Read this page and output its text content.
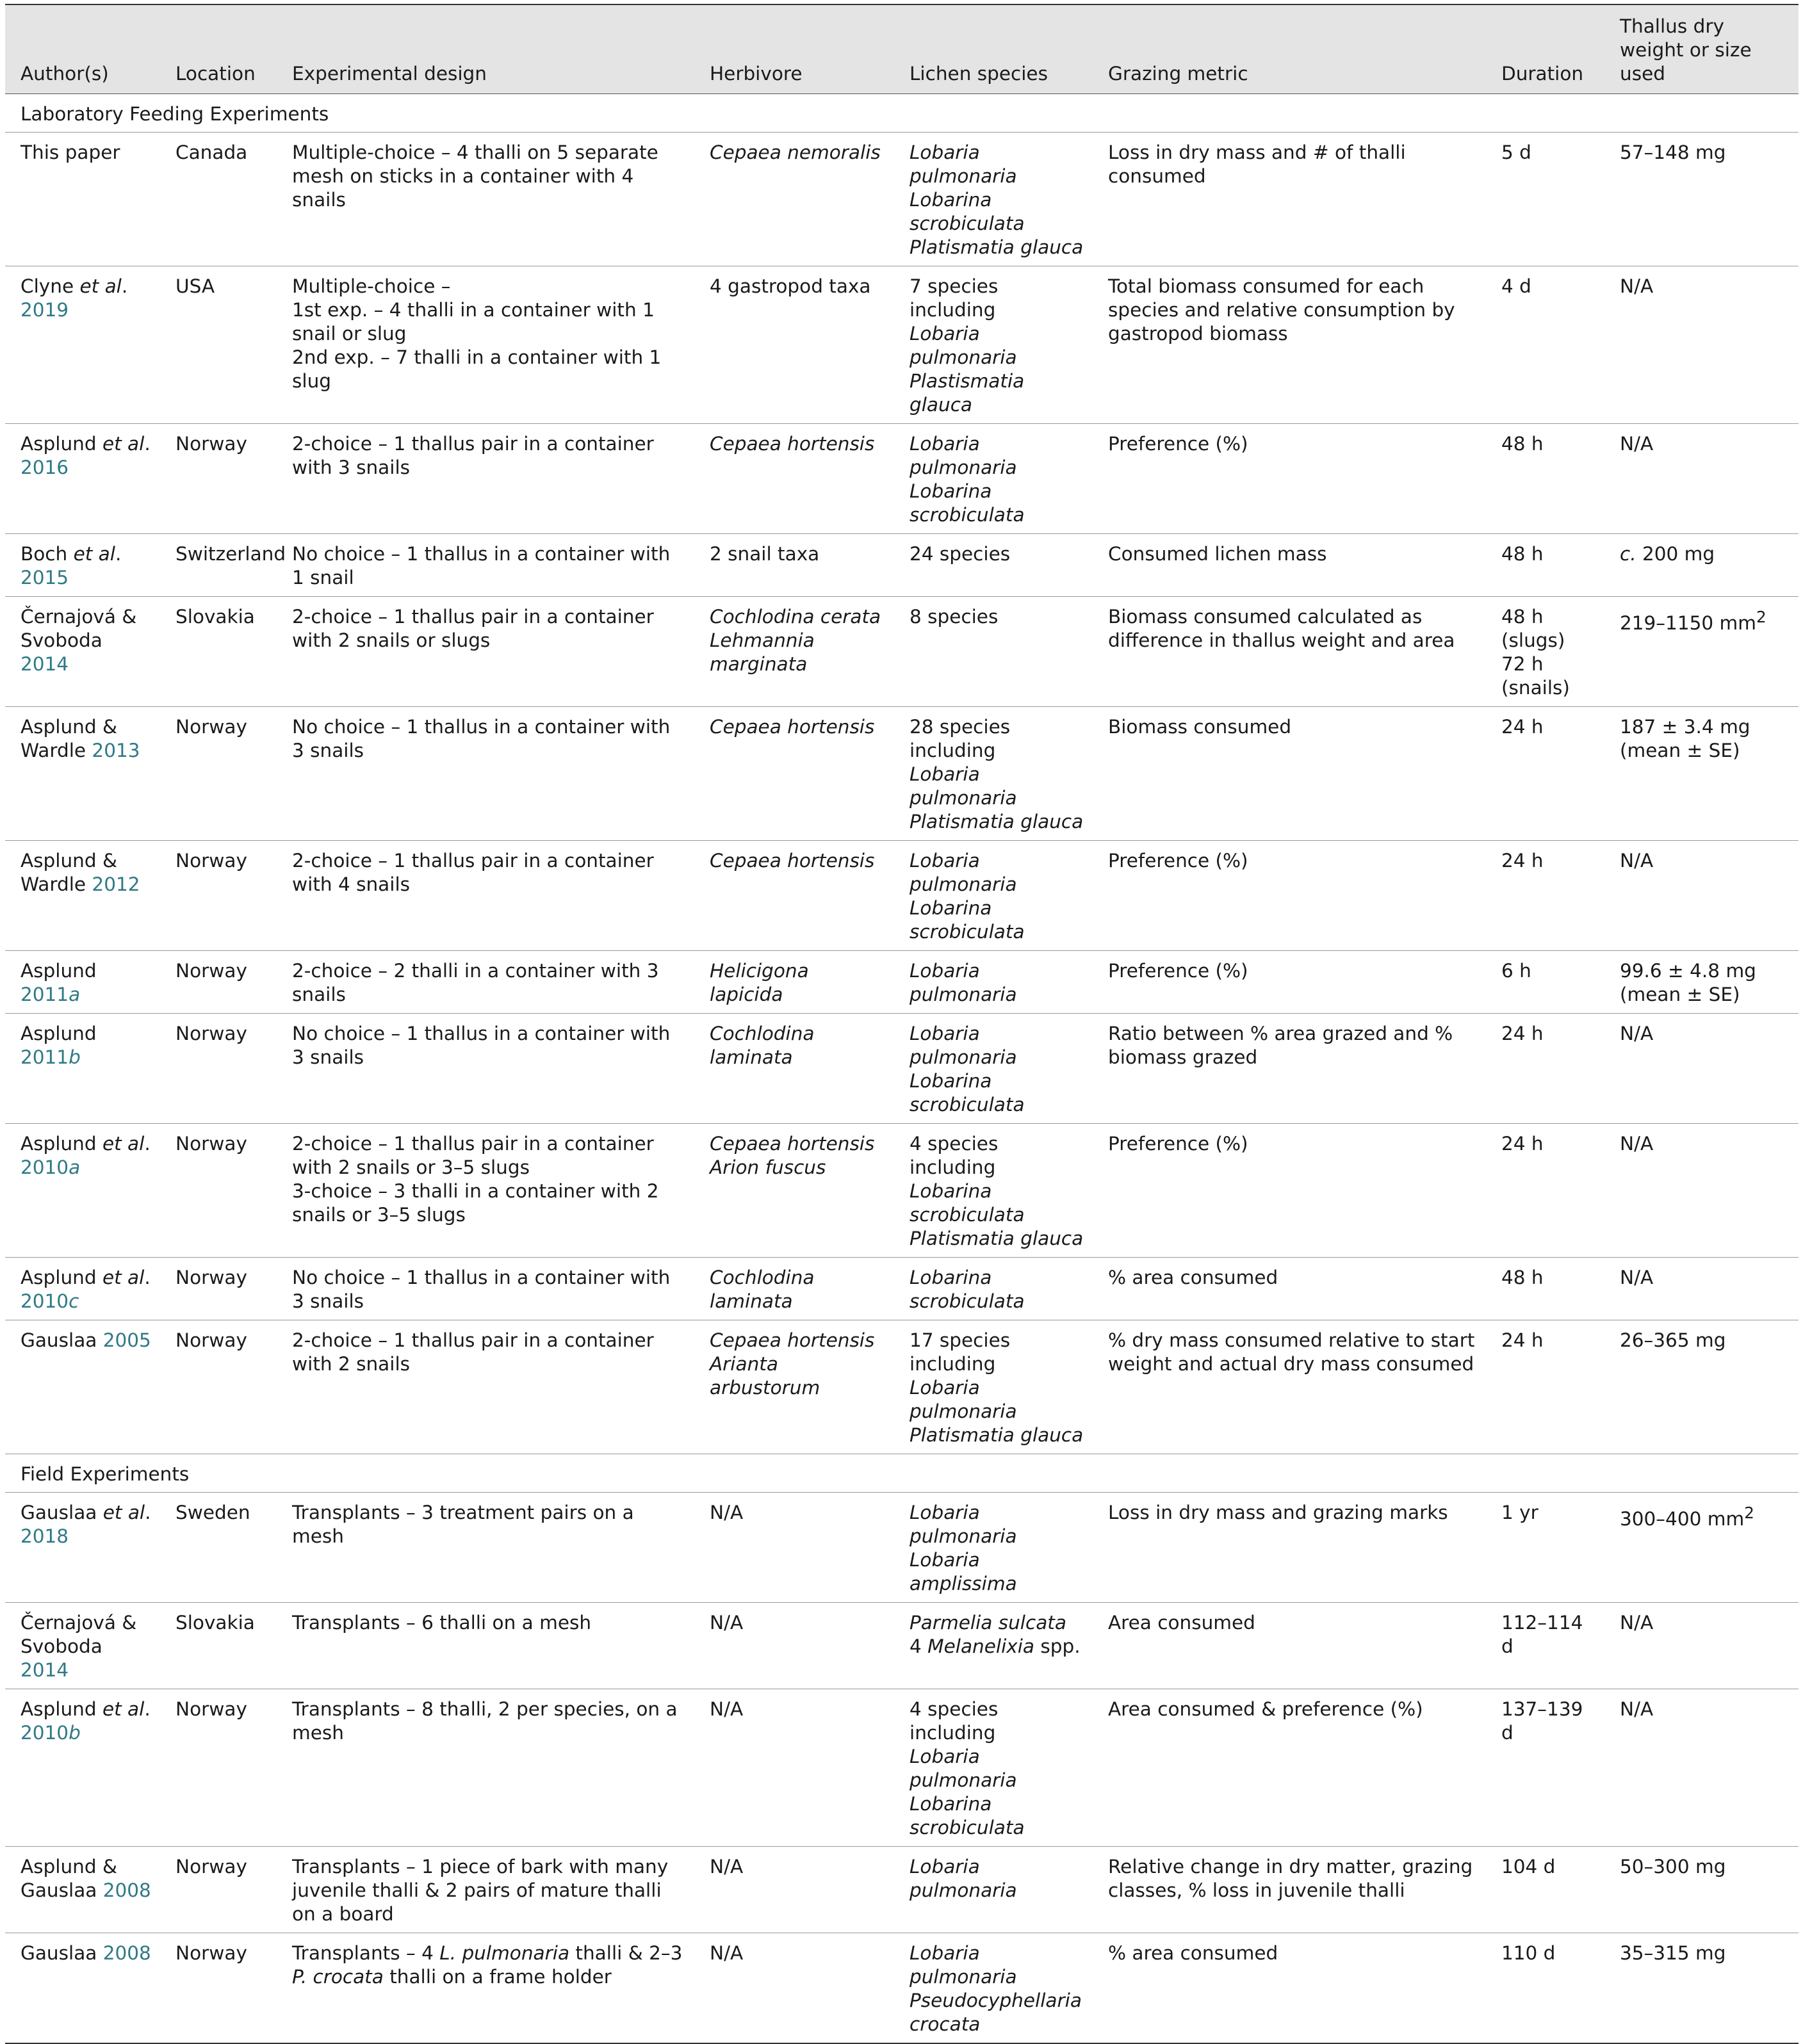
Author(s)	Location	Experimental design	Herbivore	Lichen species	Grazing metric	Duration	Thallus dry weight or size used
Laboratory Feeding Experiments							
This paper	Canada	Multiple-choice – 4 thalli on 5 separate mesh on sticks in a container with 4 snails	Cepaea nemoralis	Lobaria pulmonaria
Lobarina scrobiculata
Platismatia glauca	Loss in dry mass and # of thalli consumed	5 d	57–148 mg
Clyne et al. 2019	USA	Multiple-choice –
1st exp. – 4 thalli in a container with 1 snail or slug
2nd exp. – 7 thalli in a container with 1 slug	4 gastropod taxa	7 species including
Lobaria pulmonaria
Plastismatia glauca	Total biomass consumed for each species and relative consumption by gastropod biomass	4 d	N/A
Asplund et al. 2016	Norway	2-choice – 1 thallus pair in a container with 3 snails	Cepaea hortensis	Lobaria pulmonaria
Lobarina scrobiculata	Preference (%)	48 h	N/A
Boch et al. 2015	Switzerland	No choice – 1 thallus in a container with 1 snail	2 snail taxa	24 species	Consumed lichen mass	48 h	c. 200 mg
Černajová & Svoboda 2014	Slovakia	2-choice – 1 thallus pair in a container with 2 snails or slugs	Cochlodina cerata
Lehmannia marginata	8 species	Biomass consumed calculated as difference in thallus weight and area	48 h (slugs)
72 h (snails)	219–1150 $mm^2$
Asplund & Wardle 2013	Norway	No choice – 1 thallus in a container with 3 snails	Cepaea hortensis	28 species including
Lobaria pulmonaria
Platismatia glauca	Biomass consumed	24 h	187 ± 3.4 mg (mean ± SE)
Asplund & Wardle 2012	Norway	2-choice – 1 thallus pair in a container with 4 snails	Cepaea hortensis	Lobaria pulmonaria
Lobarina scrobiculata	Preference (%)	24 h	N/A
Asplund 2011a	Norway	2-choice – 2 thalli in a container with 3 snails	Helicigona lapicida	Lobaria pulmonaria	Preference (%)	6 h	99.6 ± 4.8 mg (mean ± SE)
Asplund 2011b	Norway	No choice – 1 thallus in a container with 3 snails	Cochlodina laminata	Lobaria pulmonaria
Lobarina scrobiculata	Ratio between % area grazed and % biomass grazed	24 h	N/A
Asplund et al. 2010a	Norway	2-choice – 1 thallus pair in a container with 2 snails or 3–5 slugs
3-choice – 3 thalli in a container with 2 snails or 3–5 slugs	Cepaea hortensis
Arion fuscus	4 species including
Lobarina scrobiculata
Platismatia glauca	Preference (%)	24 h	N/A
Asplund et al. 2010c	Norway	No choice – 1 thallus in a container with 3 snails	Cochlodina laminata	Lobarina scrobiculata	% area consumed	48 h	N/A
Gauslaa 2005	Norway	2-choice – 1 thallus pair in a container with 2 snails	Cepaea hortensis
Arianta arbustorum	17 species including
Lobaria pulmonaria
Platismatia glauca	% dry mass consumed relative to start weight and actual dry mass consumed	24 h	26–365 mg
Field Experiments							
Gauslaa et al. 2018	Sweden	Transplants – 3 treatment pairs on a mesh	N/A	Lobaria pulmonaria
Lobaria amplissima	Loss in dry mass and grazing marks	1 yr	300–400 $mm^2$
Černajová & Svoboda 2014	Slovakia	Transplants – 6 thalli on a mesh	N/A	Parmelia sulcata
4 Melanelixia spp.	Area consumed	112–114 d	N/A
Asplund et al. 2010b	Norway	Transplants – 8 thalli, 2 per species, on a mesh	N/A	4 species including
Lobaria pulmonaria
Lobarina scrobiculata	Area consumed & preference (%)	137–139 d	N/A
Asplund & Gauslaa 2008	Norway	Transplants – 1 piece of bark with many juvenile thalli & 2 pairs of mature thalli on a board	N/A	Lobaria pulmonaria	Relative change in dry matter, grazing classes, % loss in juvenile thalli	104 d	50–300 mg
Gauslaa 2008	Norway	Transplants – 4 L. pulmonaria thalli & 2–3 P. crocata thalli on a frame holder	N/A	Lobaria pulmonaria
Pseudocyphellaria crocata	% area consumed	110 d	35–315 mg
